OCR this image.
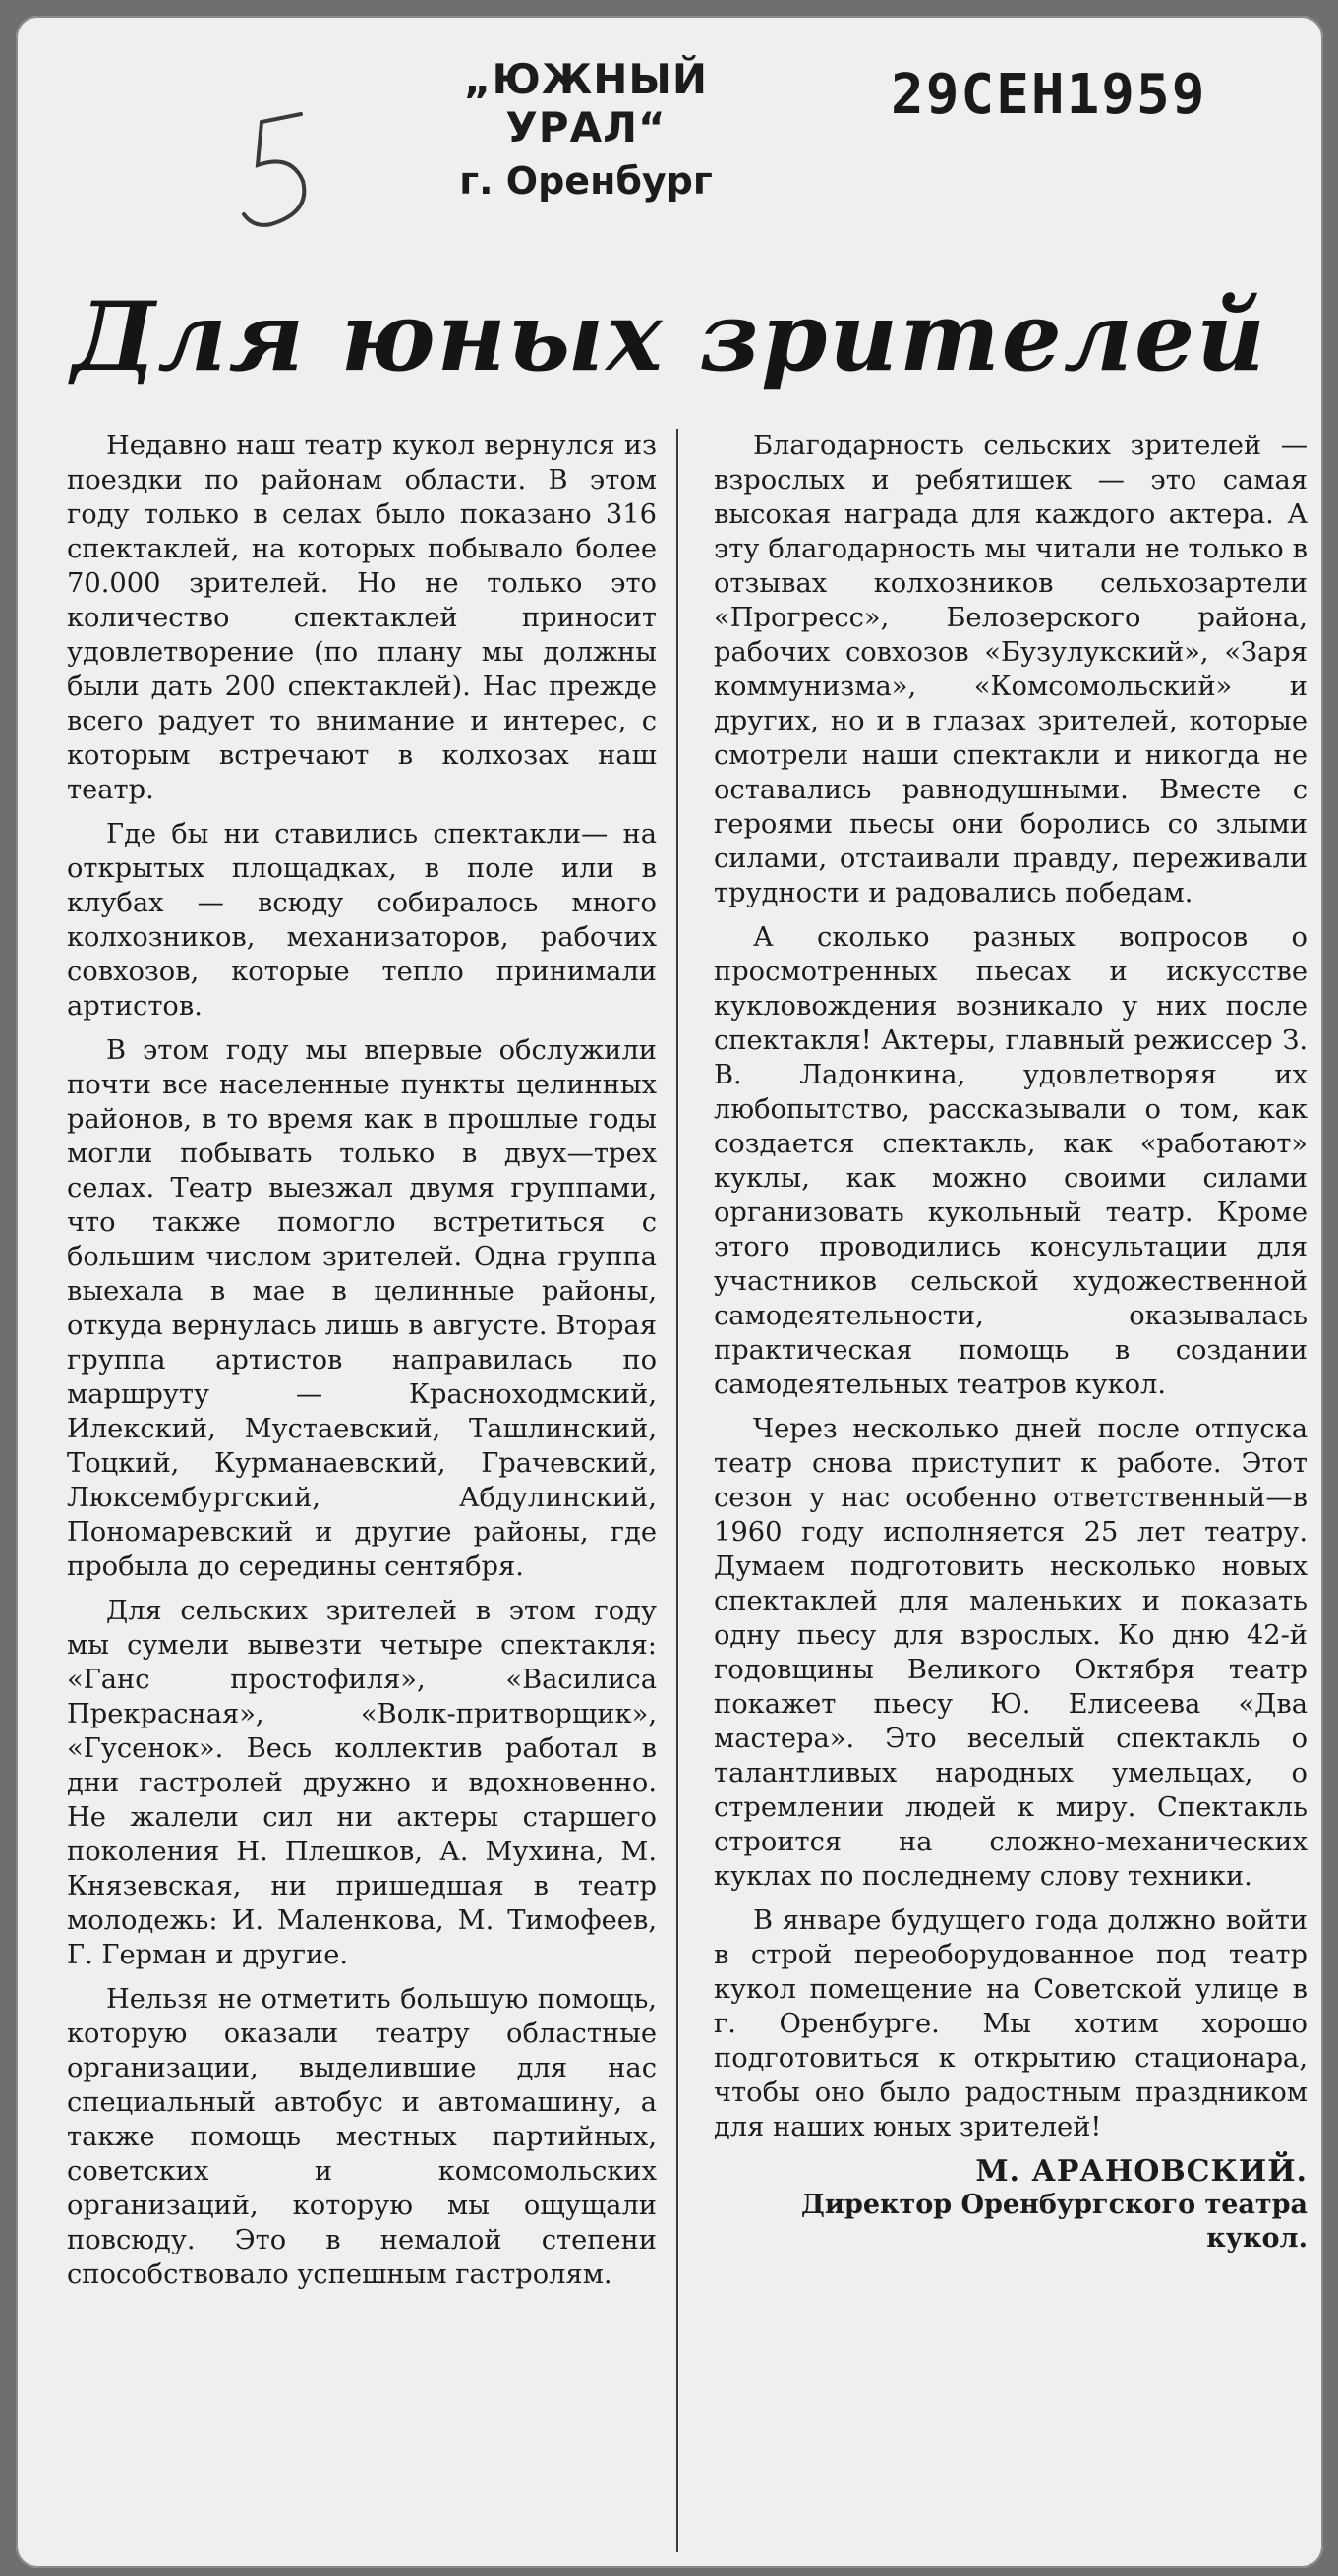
„ЮЖНЫЙ УРАЛ“
г. Оренбург
29СЕН1959
Для юных зрителей

Недавно наш театр кукол вернулся из поездки по районам области. В этом году только в селах было показано 316 спектаклей, на которых побывало более 70.000 зрителей. Но не только это количество спектаклей приносит удовлетворение (по плану мы должны были дать 200 спектаклей). Нас прежде всего радует то внимание и интерес, с которым встречают в колхозах наш театр.

Где бы ни ставились спектакли— на открытых площадках, в поле или в клубах — всюду собиралось много колхозников, механизаторов, рабочих совхозов, которые тепло принимали артистов.

В этом году мы впервые обслужили почти все населенные пункты целинных районов, в то время как в прошлые годы могли побывать только в двух—трех селах. Театр выезжал двумя группами, что также помогло встретиться с большим числом зрителей. Одна группа выехала в мае в целинные районы, откуда вернулась лишь в августе. Вторая группа артистов направилась по маршруту — Красноходмский, Илекский, Мустаевский, Ташлинский, Тоцкий, Курманаевский, Грачевский, Люксембургский, Абдулинский, Пономаревский и другие районы, где пробыла до середины сентября.

Для сельских зрителей в этом году мы сумели вывезти четыре спектакля: «Ганс простофиля», «Василиса Прекрасная», «Волк-притворщик», «Гусенок». Весь коллектив работал в дни гастролей дружно и вдохновенно. Не жалели сил ни актеры старшего поколения Н. Плешков, А. Мухина, М. Князевская, ни пришедшая в театр молодежь: И. Маленкова, М. Тимофеев, Г. Герман и другие.

Нельзя не отметить большую помощь, которую оказали театру областные организации, выделившие для нас специальный автобус и автомашину, а также помощь местных партийных, советских и комсомольских организаций, которую мы ощущали повсюду. Это в немалой степени способствовало успешным гастролям.

Благодарность сельских зрителей — взрослых и ребятишек — это самая высокая награда для каждого актера. А эту благодарность мы читали не только в отзывах колхозников сельхозартели «Прогресс», Белозерского района, рабочих совхозов «Бузулукский», «Заря коммунизма», «Комсомольский» и других, но и в глазах зрителей, которые смотрели наши спектакли и никогда не оставались равнодушными. Вместе с героями пьесы они боролись со злыми силами, отстаивали правду, переживали трудности и радовались победам.

А сколько разных вопросов о просмотренных пьесах и искусстве кукловождения возникало у них после спектакля! Актеры, главный режиссер З. В. Ладонкина, удовлетворяя их любопытство, рассказывали о том, как создается спектакль, как «работают» куклы, как можно своими силами организовать кукольный театр. Кроме этого проводились консультации для участников сельской художественной самодеятельности, оказывалась практическая помощь в создании самодеятельных театров кукол.

Через несколько дней после отпуска театр снова приступит к работе. Этот сезон у нас особенно ответственный—в 1960 году исполняется 25 лет театру. Думаем подготовить несколько новых спектаклей для маленьких и показать одну пьесу для взрослых. Ко дню 42-й годовщины Великого Октября театр покажет пьесу Ю. Елисеева «Два мастера». Это веселый спектакль о талантливых народных умельцах, о стремлении людей к миру. Спектакль строится на сложно-механических куклах по последнему слову техники.

В январе будущего года должно войти в строй переоборудованное под театр кукол помещение на Советской улице в г. Оренбурге. Мы хотим хорошо подготовиться к открытию стационара, чтобы оно было радостным праздником для наших юных зрителей!

М. АРАНОВСКИЙ.
Директор Оренбургского театра
кукол.
